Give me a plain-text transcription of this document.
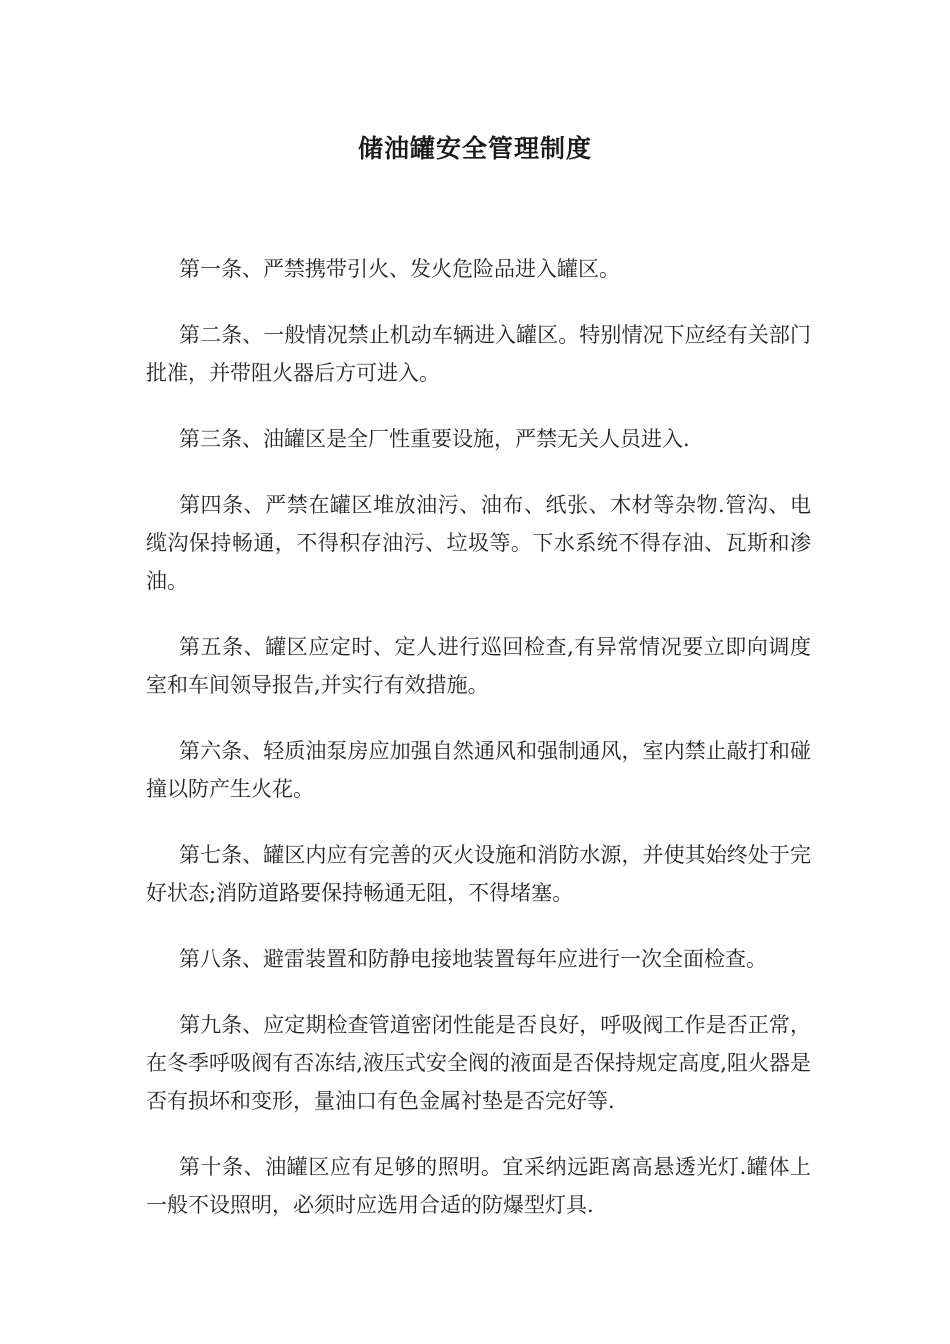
储油罐安全管理制度

第一条、严禁携带引火、发火危险品进入罐区。

第二条、一般情况禁止机动车辆进入罐区。特别情况下应经有关部门批准，并带阻火器后方可进入。

第三条、油罐区是全厂性重要设施，严禁无关人员进入.

第四条、严禁在罐区堆放油污、油布、纸张、木材等杂物.管沟、电缆沟保持畅通，不得积存油污、垃圾等。下水系统不得存油、瓦斯和渗油。

第五条、罐区应定时、定人进行巡回检查,有异常情况要立即向调度室和车间领导报告,并实行有效措施。

第六条、轻质油泵房应加强自然通风和强制通风，室内禁止敲打和碰撞以防产生火花。

第七条、罐区内应有完善的灭火设施和消防水源，并使其始终处于完好状态;消防道路要保持畅通无阻，不得堵塞。

第八条、避雷装置和防静电接地装置每年应进行一次全面检查。

第九条、应定期检查管道密闭性能是否良好，呼吸阀工作是否正常，在冬季呼吸阀有否冻结,液压式安全阀的液面是否保持规定高度,阻火器是否有损坏和变形，量油口有色金属衬垫是否完好等.

第十条、油罐区应有足够的照明。宜采纳远距离高悬透光灯.罐体上一般不设照明，必须时应选用合适的防爆型灯具.
